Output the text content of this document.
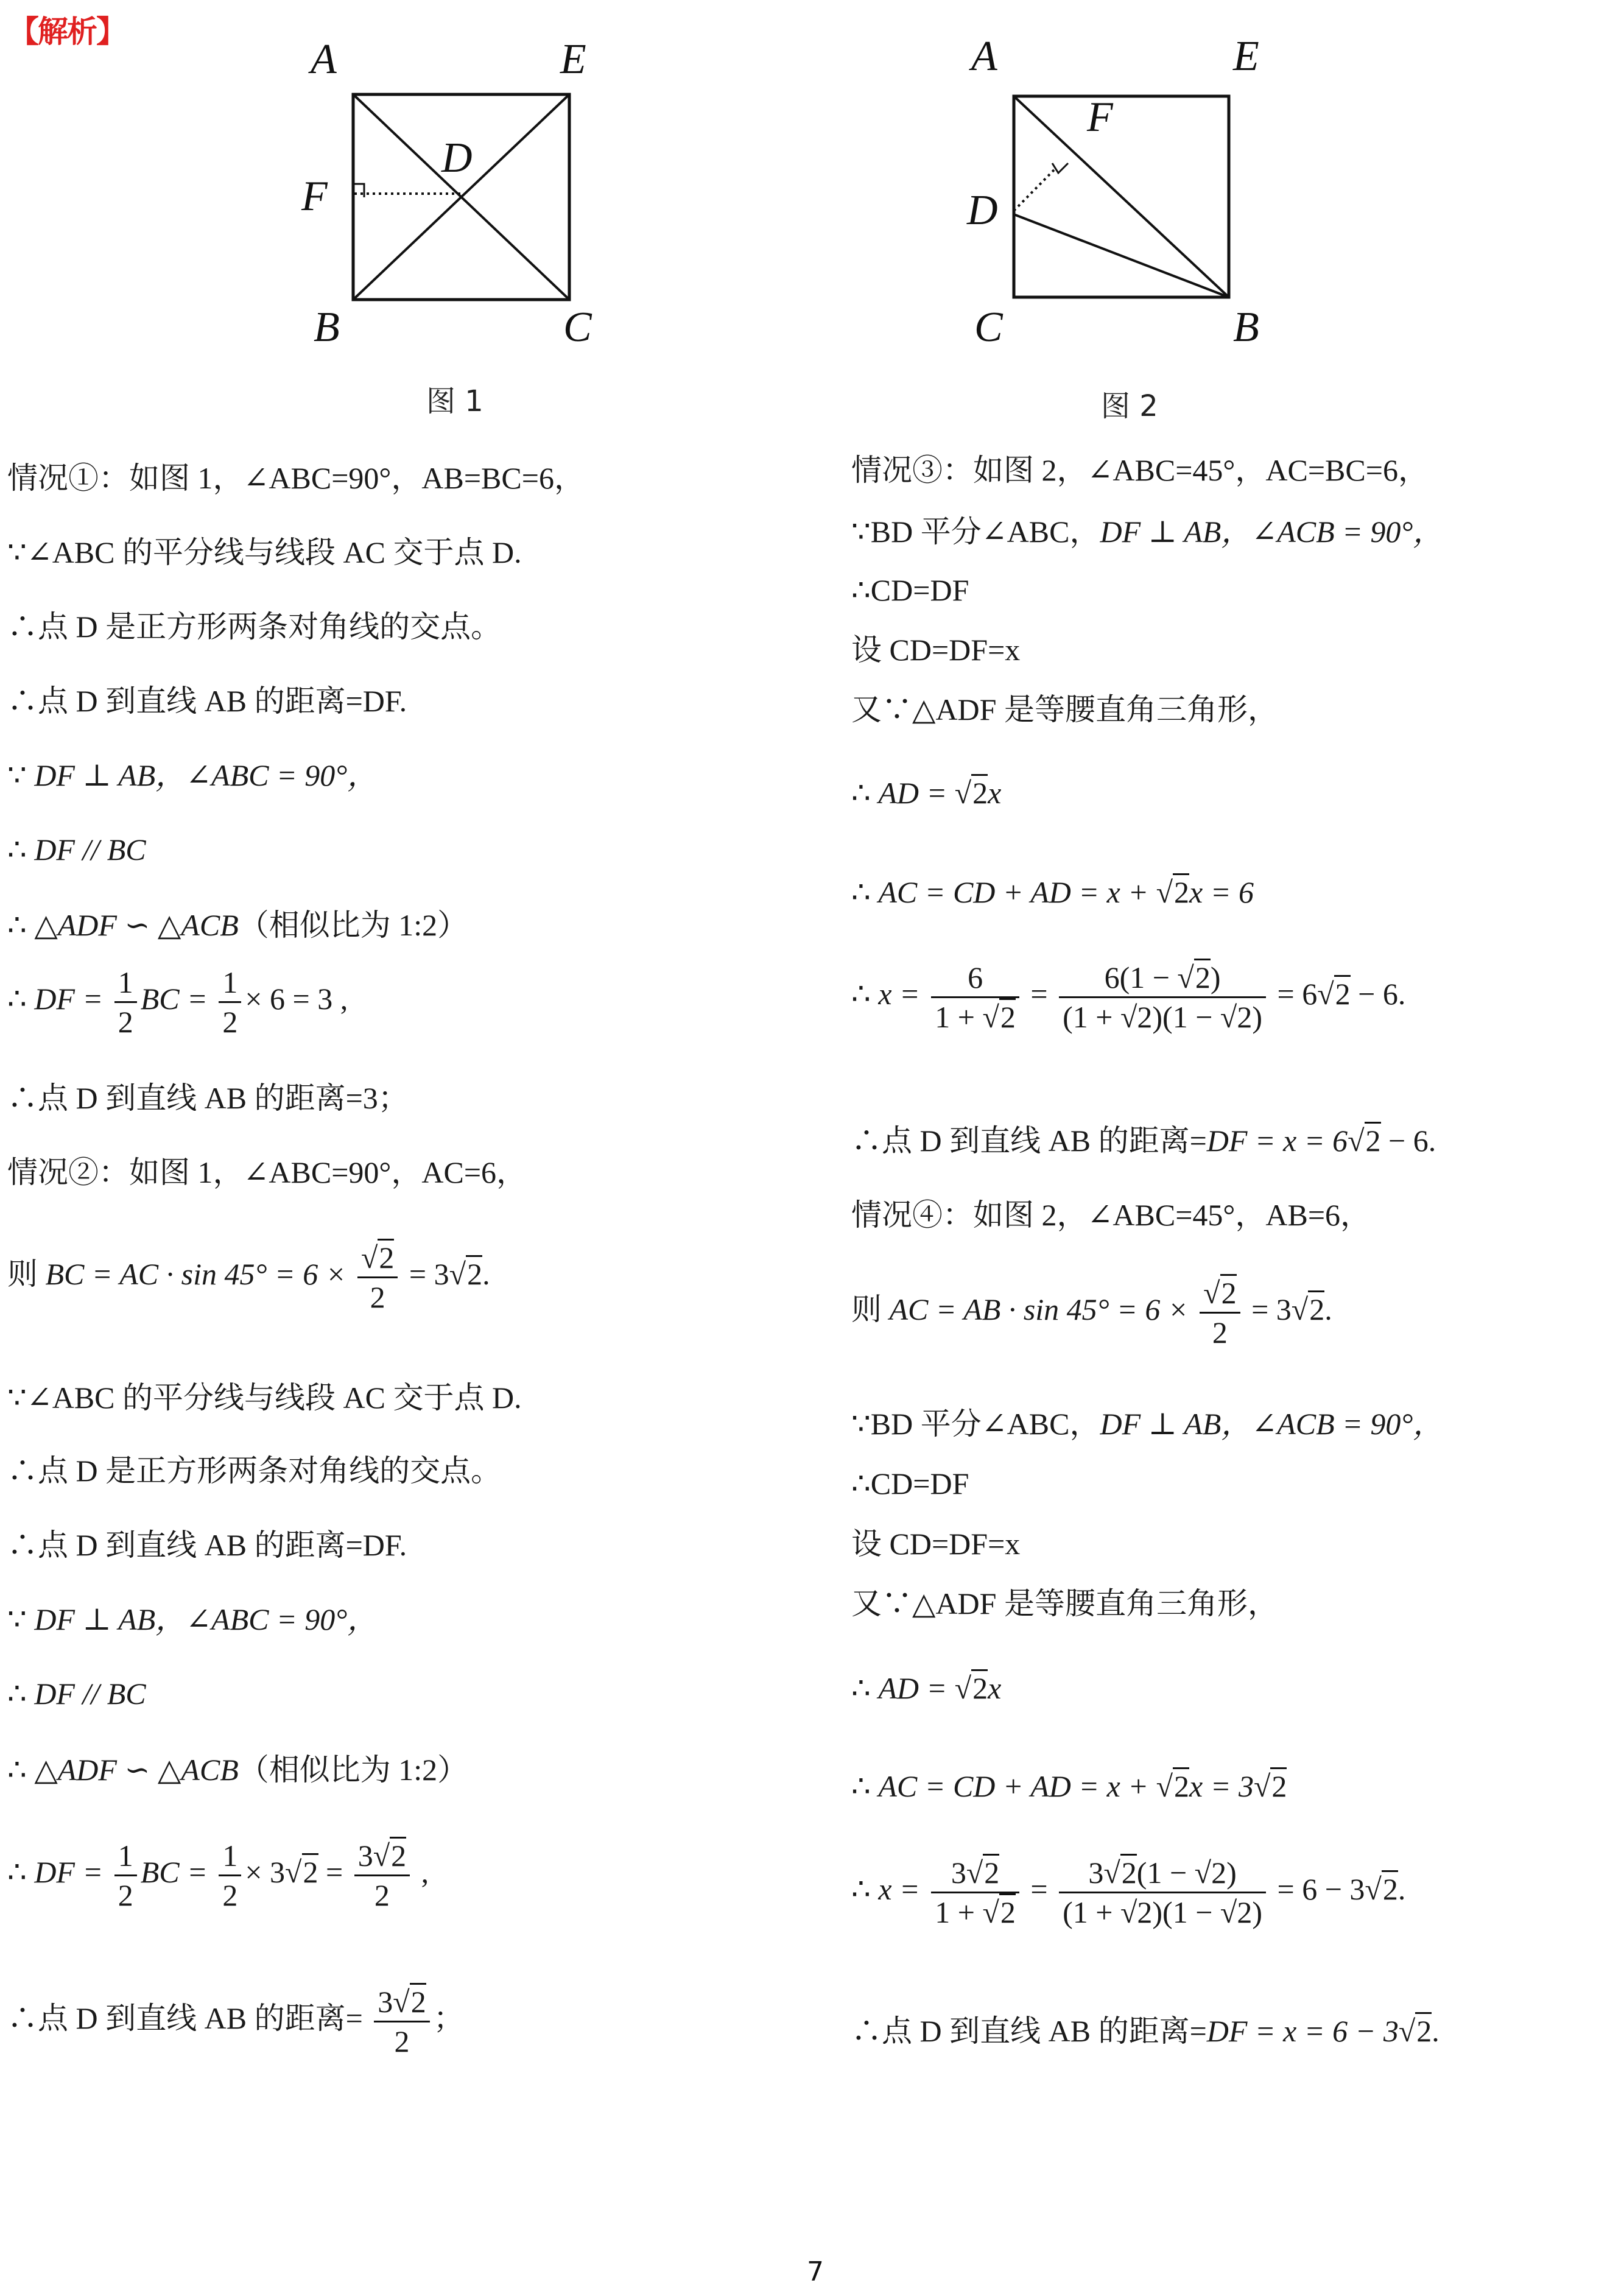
【解析】
A	E
F
D
B	C
图 1
A	E
F
D
C	B
图 2
情况①：如图 1，∠ABC=90°，AB=BC=6，
∵∠ABC 的平分线与线段 AC 交于点 D.
∴点 D 是正方形两条对角线的交点。
∴点 D 到直线 AB 的距离=DF.
∵ DF ⊥ AB，∠ABC = 90°，
∴ DF // BC
∴ △ADF ∽ △ACB（相似比为 1:2）
∴ DF = $\frac{1}{2}$ BC = $\frac{1}{2} \times 6 = 3$ ,
∴点 D 到直线 AB 的距离=3；
情况②：如图 1，∠ABC=90°，AC=6，
则 BC = AC · $\sin 45^\circ = 6 \times \frac{√2}{2} = 3√2$.
∵∠ABC 的平分线与线段 AC 交于点 D.
∴点 D 是正方形两条对角线的交点。
∴点 D 到直线 AB 的距离=DF.
∵ DF ⊥ AB，∠ABC = 90°，
∴ DF // BC
∴ △ADF ∽ △ACB（相似比为 1:2）
∴ DF = $\frac{1}{2}$ BC = $\frac{1}{2} \times 3√2 = \frac{3√2}{2}$ ,
∴点 D 到直线 AB 的距离= $\frac{3√2}{2}$ ；
情况③：如图 2，∠ABC=45°，AC=BC=6，
∵BD 平分∠ABC，DF ⊥ AB，∠ACB = 90°，
∴CD=DF
设 CD=DF=x
又∵△ADF 是等腰直角三角形，
∴ AD = √2x
∴ AC = CD + AD = x + √2x = 6
∴ $x = \frac{6}{1 + √2} = \frac{6(1 - √2)}{(1 + √2)(1 - √2)} = 6√2 - 6$.
∴点 D 到直线 AB 的距离=DF = x = 6√2 − 6.
情况④：如图 2，∠ABC=45°，AB=6，
则 AC = AB · $\sin 45^\circ = 6 \times \frac{√2}{2} = 3√2$.
∵BD 平分∠ABC，DF ⊥ AB，∠ACB = 90°，
∴CD=DF
设 CD=DF=x
又∵△ADF 是等腰直角三角形，
∴ AD = √2x
∴ AC = CD + AD = x + √2x = 3√2
∴ $x = \frac{3√2}{1 + √2} = \frac{3√2(1 - √2)}{(1 + √2)(1 - √2)} = 6 - 3√2$.
∴点 D 到直线 AB 的距离=DF = x = 6 − 3√2.
7
